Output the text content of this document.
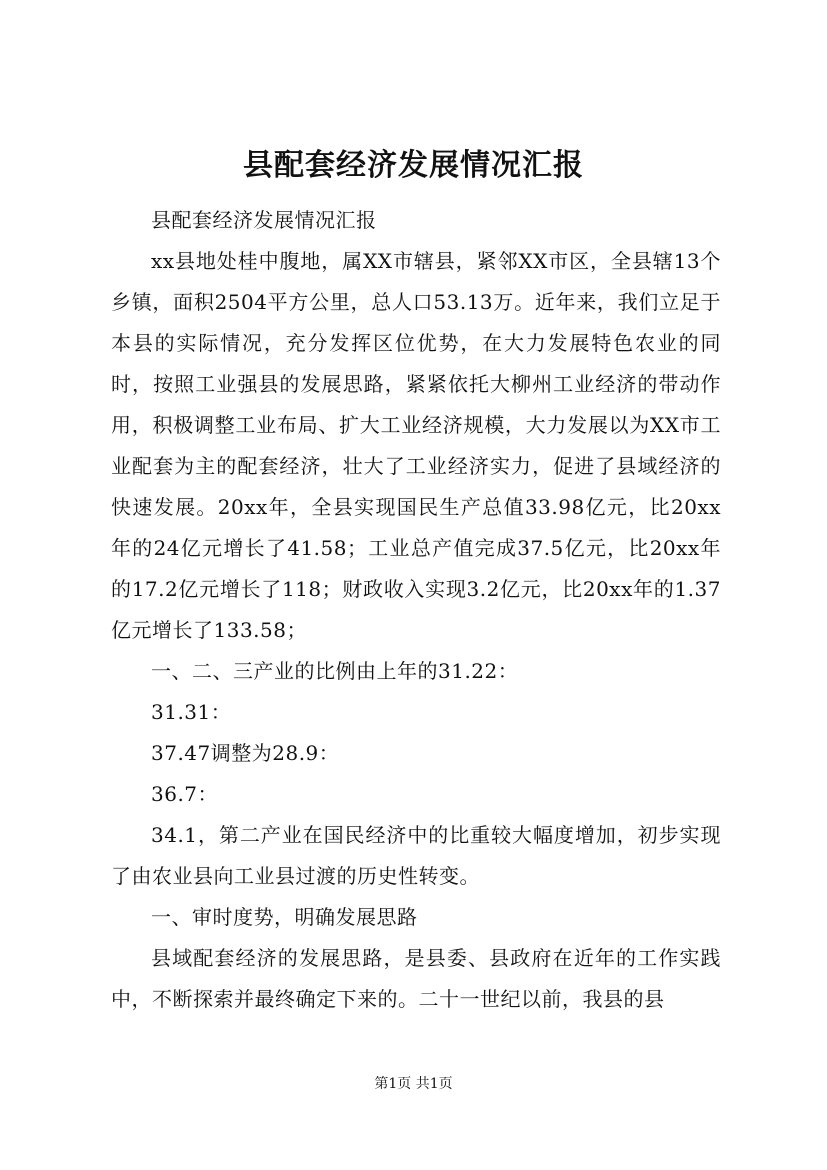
县配套经济发展情况汇报

县配套经济发展情况汇报

xx县地处桂中腹地，属XX市辖县，紧邻XX市区，全县辖13个乡镇，面积2504平方公里，总人口53.13万。近年来，我们立足于本县的实际情况，充分发挥区位优势，在大力发展特色农业的同时，按照工业强县的发展思路，紧紧依托大柳州工业经济的带动作用，积极调整工业布局、扩大工业经济规模，大力发展以为XX市工业配套为主的配套经济，壮大了工业经济实力，促进了县域经济的快速发展。20xx年，全县实现国民生产总值33.98亿元，比20xx年的24亿元增长了41.58；工业总产值完成37.5亿元，比20xx年的17.2亿元增长了118；财政收入实现3.2亿元，比20xx年的1.37亿元增长了133.58；

一、二、三产业的比例由上年的31.22：

31.31：

37.47调整为28.9：

36.7：

34.1，第二产业在国民经济中的比重较大幅度增加，初步实现了由农业县向工业县过渡的历史性转变。

一、审时度势，明确发展思路

县域配套经济的发展思路，是县委、县政府在近年的工作实践中，不断探索并最终确定下来的。二十一世纪以前，我县的县

第1页 共1页
